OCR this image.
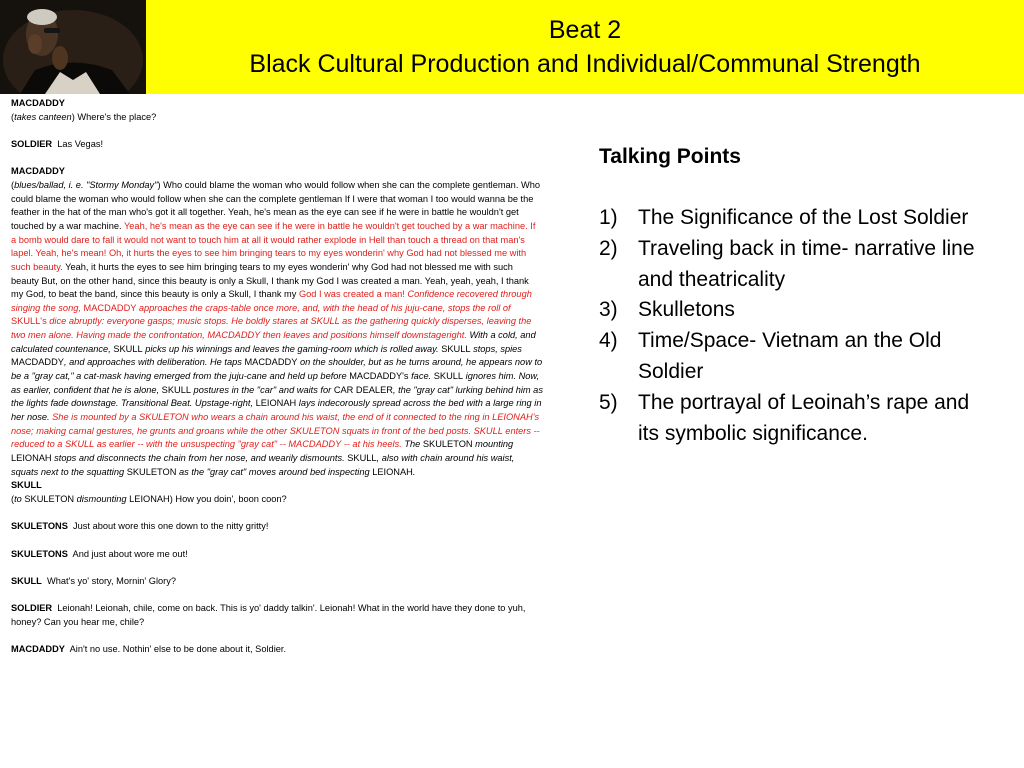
Beat 2
Black Cultural Production and Individual/Communal Strength

MACDADDY

(takes canteen) Where's the place?

SOLDIER Las Vegas!

MACDADDY

(blues/ballad, i. e. "Stormy Monday") Who could blame the woman who would follow when she can the complete gentleman. Who could blame the woman who would follow when she can the complete gentleman If I were that woman I too would wanna be the feather in the hat of the man who's got it all together. Yeah, he's mean as the eye can see if he were in battle he wouldn't get touched by a war machine. Yeah, he's mean as the eye can see if he were in battle he wouldn't get touched by a war machine. If a bomb would dare to fall it would not want to touch him at all it would rather explode in Hell than touch a thread on that man's lapel. Yeah, he's mean! Oh, it hurts the eyes to see him bringing tears to my eyes wonderin' why God had not blessed me with such beauty. Yeah, it hurts the eyes to see him bringing tears to my eyes wonderin' why God had not blessed me with such beauty But, on the other hand, since this beauty is only a Skull, I thank my God I was created a man. Yeah, yeah, yeah, I thank my God, to beat the band, since this beauty is only a Skull, I thank my God I was created a man! Confidence recovered through singing the song, MACDADDY approaches the craps-table once more, and, with the head of his juju-cane, stops the roll of SKULL's dice abruptly: everyone gasps; music stops. He boldly stares at SKULL as the gathering quickly disperses, leaving the two men alone. Having made the confrontation, MACDADDY then leaves and positions himself downstageright. With a cold, and calculated countenance, SKULL picks up his winnings and leaves the gaming-room which is rolled away. SKULL stops, spies MACDADDY, and approaches with deliberation. He taps MACDADDY on the shoulder, but as he turns around, he appears now to be a "gray cat," a cat-mask having emerged from the juju-cane and held up before MACDADDY's face. SKULL ignores him. Now, as earlier, confident that he is alone, SKULL postures in the "car" and waits for CAR DEALER, the "gray cat" lurking behind him as the lights fade downstage. Transitional Beat. Upstage-right, LEIONAH lays indecorously spread across the bed with a large ring in her nose. She is mounted by a SKULETON who wears a chain around his waist, the end of it connected to the ring in LEIONAH's nose; making carnal gestures, he grunts and groans while the other SKULETON squats in front of the bed posts. SKULL enters -- reduced to a SKULL as earlier -- with the unsuspecting "gray cat" -- MACDADDY -- at his heels. The SKULETON mounting LEIONAH stops and disconnects the chain from her nose, and wearily dismounts. SKULL, also with chain around his waist, squats next to the squatting SKULETON as the "gray cat" moves around bed inspecting LEIONAH.

SKULL

(to SKULETON dismounting LEIONAH) How you doin', boon coon?

SKULETONS Just about wore this one down to the nitty gritty!

SKULETONS And just about wore me out!

SKULL What's yo' story, Mornin' Glory?

SOLDIER Leionah! Leionah, chile, come on back. This is yo' daddy talkin'. Leionah! What in the world have they done to yuh, honey? Can you hear me, chile?

MACDADDY Ain't no use. Nothin' else to be done about it, Soldier.

Talking Points
1) The Significance of the Lost Soldier
2) Traveling back in time- narrative line and theatricality
3) Skulletons
4) Time/Space- Vietnam an the Old Soldier
5) The portrayal of Leoinah’s rape and its symbolic significance.
